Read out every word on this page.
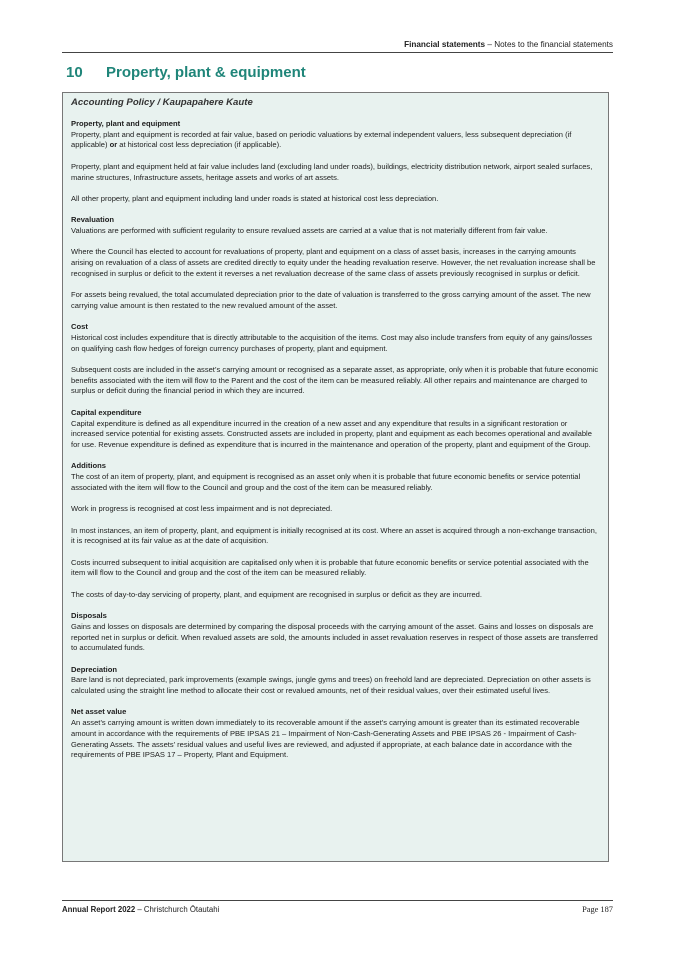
Financial statements – Notes to the financial statements
10	Property, plant & equipment
Accounting Policy / Kaupapahere Kaute
Property, plant and equipment

Property, plant and equipment is recorded at fair value, based on periodic valuations by external independent valuers, less subsequent depreciation (if applicable) or at historical cost less depreciation (if applicable).

Property, plant and equipment held at fair value includes land (excluding land under roads), buildings, electricity distribution network, airport sealed surfaces, marine structures, Infrastructure assets, heritage assets and works of art assets.

All other property, plant and equipment including land under roads is stated at historical cost less depreciation.

Revaluation

Valuations are performed with sufficient regularity to ensure revalued assets are carried at a value that is not materially different from fair value.

Where the Council has elected to account for revaluations of property, plant and equipment on a class of asset basis, increases in the carrying amounts arising on revaluation of a class of assets are credited directly to equity under the heading revaluation reserve. However, the net revaluation increase shall be recognised in surplus or deficit to the extent it reverses a net revaluation decrease of the same class of assets previously recognised in surplus or deficit.

For assets being revalued, the total accumulated depreciation prior to the date of valuation is transferred to the gross carrying amount of the asset. The new carrying value amount is then restated to the new revalued amount of the asset.

Cost

Historical cost includes expenditure that is directly attributable to the acquisition of the items. Cost may also include transfers from equity of any gains/losses on qualifying cash flow hedges of foreign currency purchases of property, plant and equipment.

Subsequent costs are included in the asset’s carrying amount or recognised as a separate asset, as appropriate, only when it is probable that future economic benefits associated with the item will flow to the Parent and the cost of the item can be measured reliably. All other repairs and maintenance are charged to surplus or deficit during the financial period in which they are incurred.

Capital expenditure

Capital expenditure is defined as all expenditure incurred in the creation of a new asset and any expenditure that results in a significant restoration or increased service potential for existing assets. Constructed assets are included in property, plant and equipment as each becomes operational and available for use. Revenue expenditure is defined as expenditure that is incurred in the maintenance and operation of the property, plant and equipment of the Group.

Additions

The cost of an item of property, plant, and equipment is recognised as an asset only when it is probable that future economic benefits or service potential associated with the item will flow to the Council and group and the cost of the item can be measured reliably.

Work in progress is recognised at cost less impairment and is not depreciated.

In most instances, an item of property, plant, and equipment is initially recognised at its cost. Where an asset is acquired through a non-exchange transaction, it is recognised at its fair value as at the date of acquisition.

Costs incurred subsequent to initial acquisition are capitalised only when it is probable that future economic benefits or service potential associated with the item will flow to the Council and group and the cost of the item can be measured reliably.

The costs of day-to-day servicing of property, plant, and equipment are recognised in surplus or deficit as they are incurred.

Disposals

Gains and losses on disposals are determined by comparing the disposal proceeds with the carrying amount of the asset. Gains and losses on disposals are reported net in surplus or deficit. When revalued assets are sold, the amounts included in asset revaluation reserves in respect of those assets are transferred to accumulated funds.

Depreciation

Bare land is not depreciated, park improvements (example swings, jungle gyms and trees) on freehold land are depreciated. Depreciation on other assets is calculated using the straight line method to allocate their cost or revalued amounts, net of their residual values, over their estimated useful lives.

Net asset value

An asset’s carrying amount is written down immediately to its recoverable amount if the asset’s carrying amount is greater than its estimated recoverable amount in accordance with the requirements of PBE IPSAS 21 – Impairment of Non-Cash-Generating Assets and PBE IPSAS 26 - Impairment of Cash-Generating Assets. The assets’ residual values and useful lives are reviewed, and adjusted if appropriate, at each balance date in accordance with the requirements of PBE IPSAS 17 – Property, Plant and Equipment.

Annual Report 2022 – Christchurch Ōtautahi	Page 187
